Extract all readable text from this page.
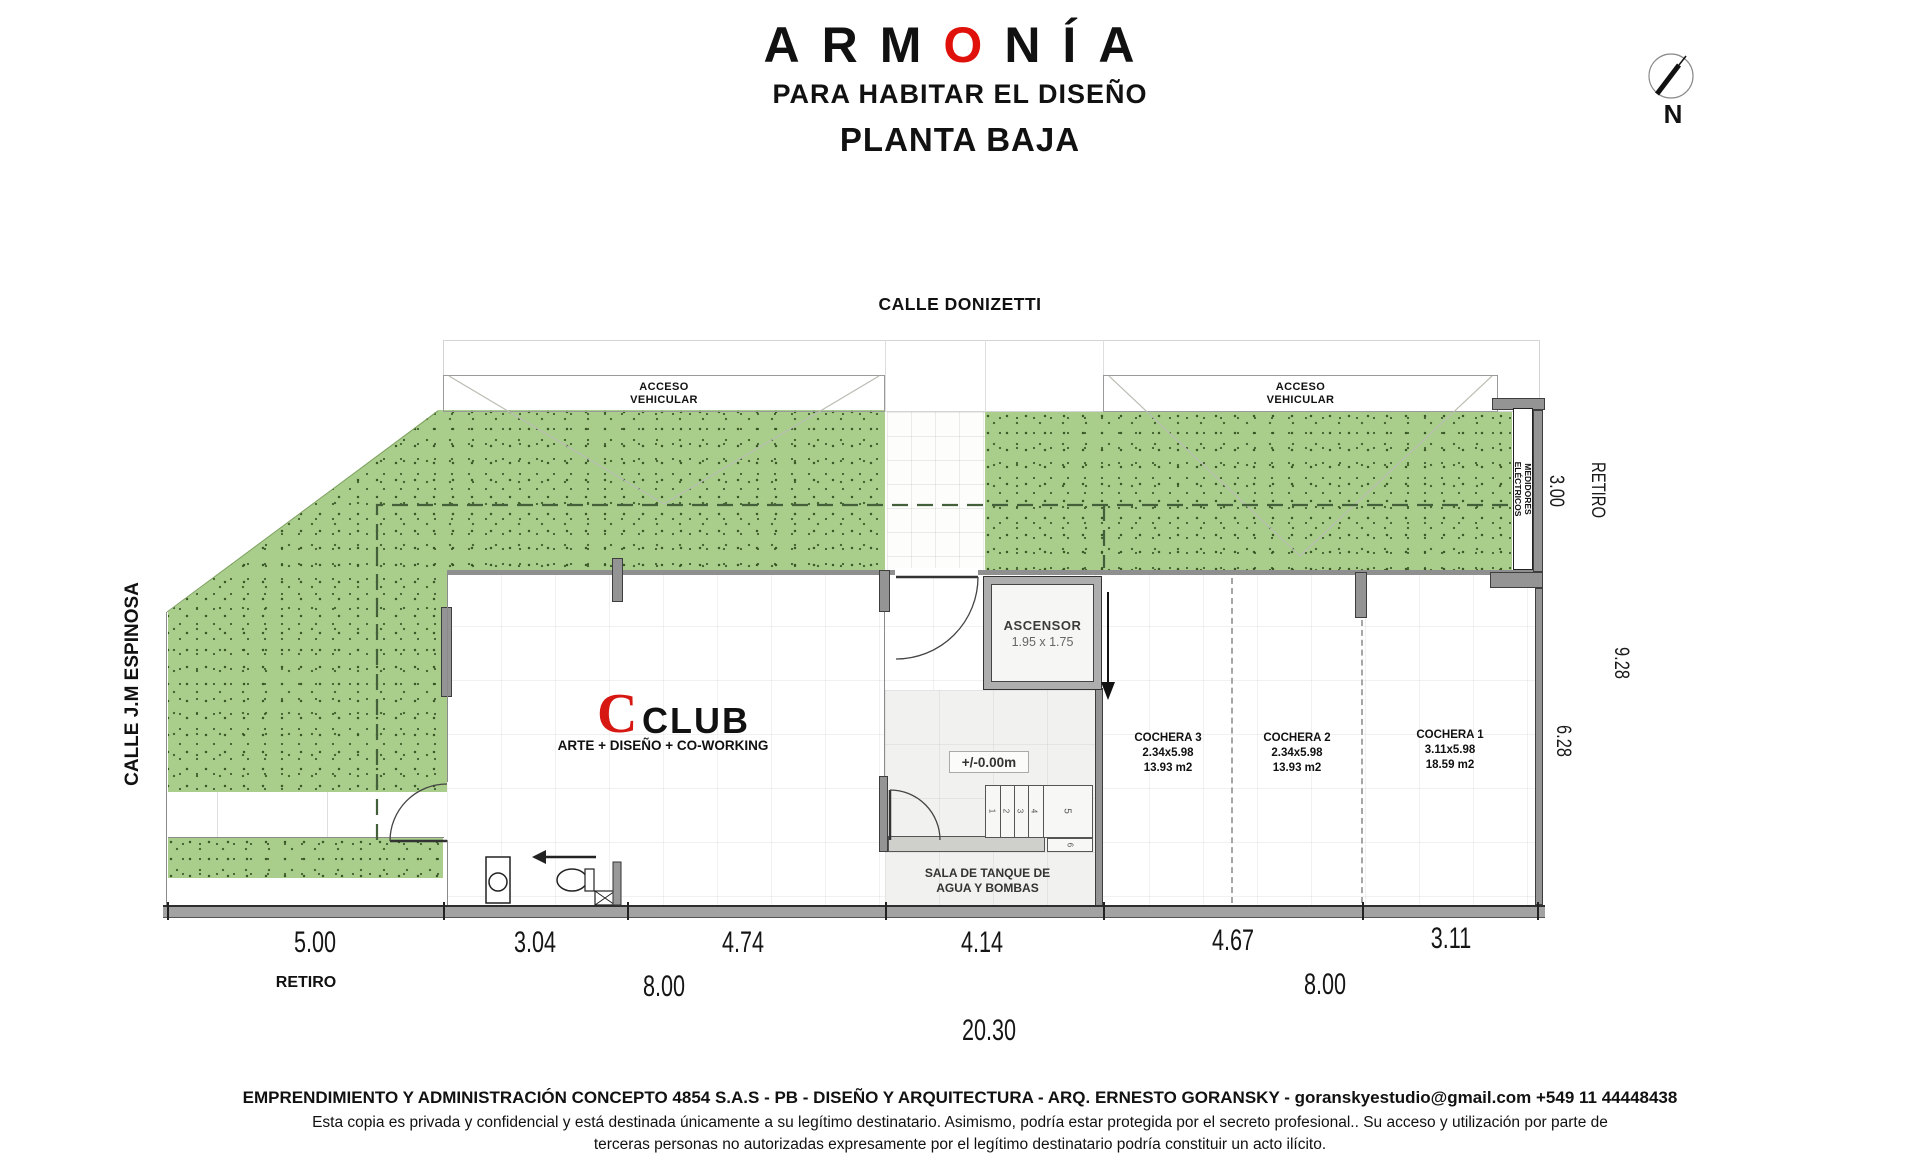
ARMONÍA
PARA HABITAR EL DISEÑO
PLANTA BAJA
N
CALLE DONIZETTI
CALLE J.M ESPINOSA
ACCESO
VEHICULAR
ACCESO
VEHICULAR
MEDIDORES
ELÉCTRICOS
ASCENSOR
1.95 x 1.75
C CLUB
ARTE + DISEÑO + CO-WORKING
+/-0.00m
1 2 3 4 5
6
SALA DE TANQUE DE
AGUA Y BOMBAS
COCHERA 3
2.34x5.98
13.93 m2
COCHERA 2
2.34x5.98
13.93 m2
COCHERA 1
3.11x5.98
18.59 m2
RETIRO
3.00
9.28
6.28
5.00	3.04	4.74	4.14	4.67	3.11
RETIRO	8.00	8.00
20.30
EMPRENDIMIENTO Y ADMINISTRACIÓN CONCEPTO 4854 S.A.S - PB - DISEÑO Y ARQUITECTURA - ARQ. ERNESTO GORANSKY - goranskyestudio@gmail.com +549 11 44448438
Esta copia es privada y confidencial y está destinada únicamente a su legítimo destinatario. Asimismo, podría estar protegida por el secreto profesional.. Su acceso y utilización por parte de
terceras personas no autorizadas expresamente por el legítimo destinatario podría constituir un acto ilícito.
